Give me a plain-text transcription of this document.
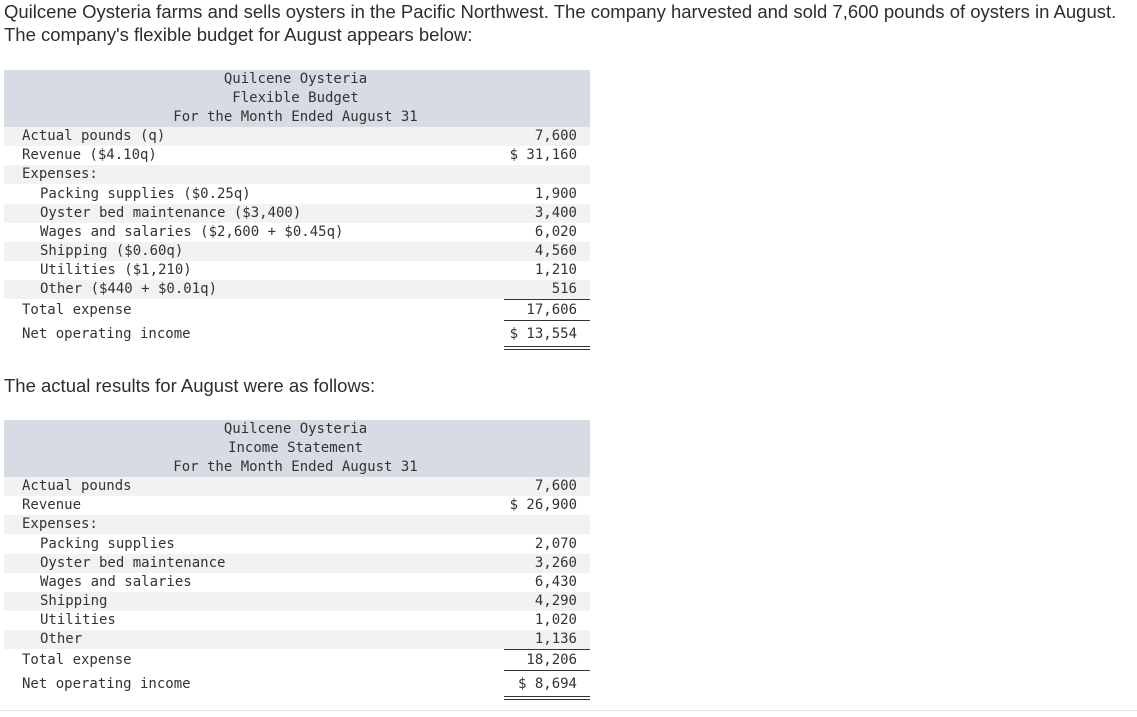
Quilcene Oysteria farms and sells oysters in the Pacific Northwest. The company harvested and sold 7,600 pounds of oysters in August. The company's flexible budget for August appears below:
Quilcene Oysteria
Flexible Budget
For the Month Ended August 31
Actual pounds (q)	7,600
Revenue ($4.10q)	$ 31,160
Expenses:
Packing supplies ($0.25q)	1,900
Oyster bed maintenance ($3,400)	3,400
Wages and salaries ($2,600 + $0.45q)	6,020
Shipping ($0.60q)	4,560
Utilities ($1,210)	1,210
Other ($440 + $0.01q)	516
Total expense	17,606
Net operating income	$ 13,554
The actual results for August were as follows:
Quilcene Oysteria
Income Statement
For the Month Ended August 31
Actual pounds	7,600
Revenue	$ 26,900
Expenses:
Packing supplies	2,070
Oyster bed maintenance	3,260
Wages and salaries	6,430
Shipping	4,290
Utilities	1,020
Other	1,136
Total expense	18,206
Net operating income	$ 8,694
